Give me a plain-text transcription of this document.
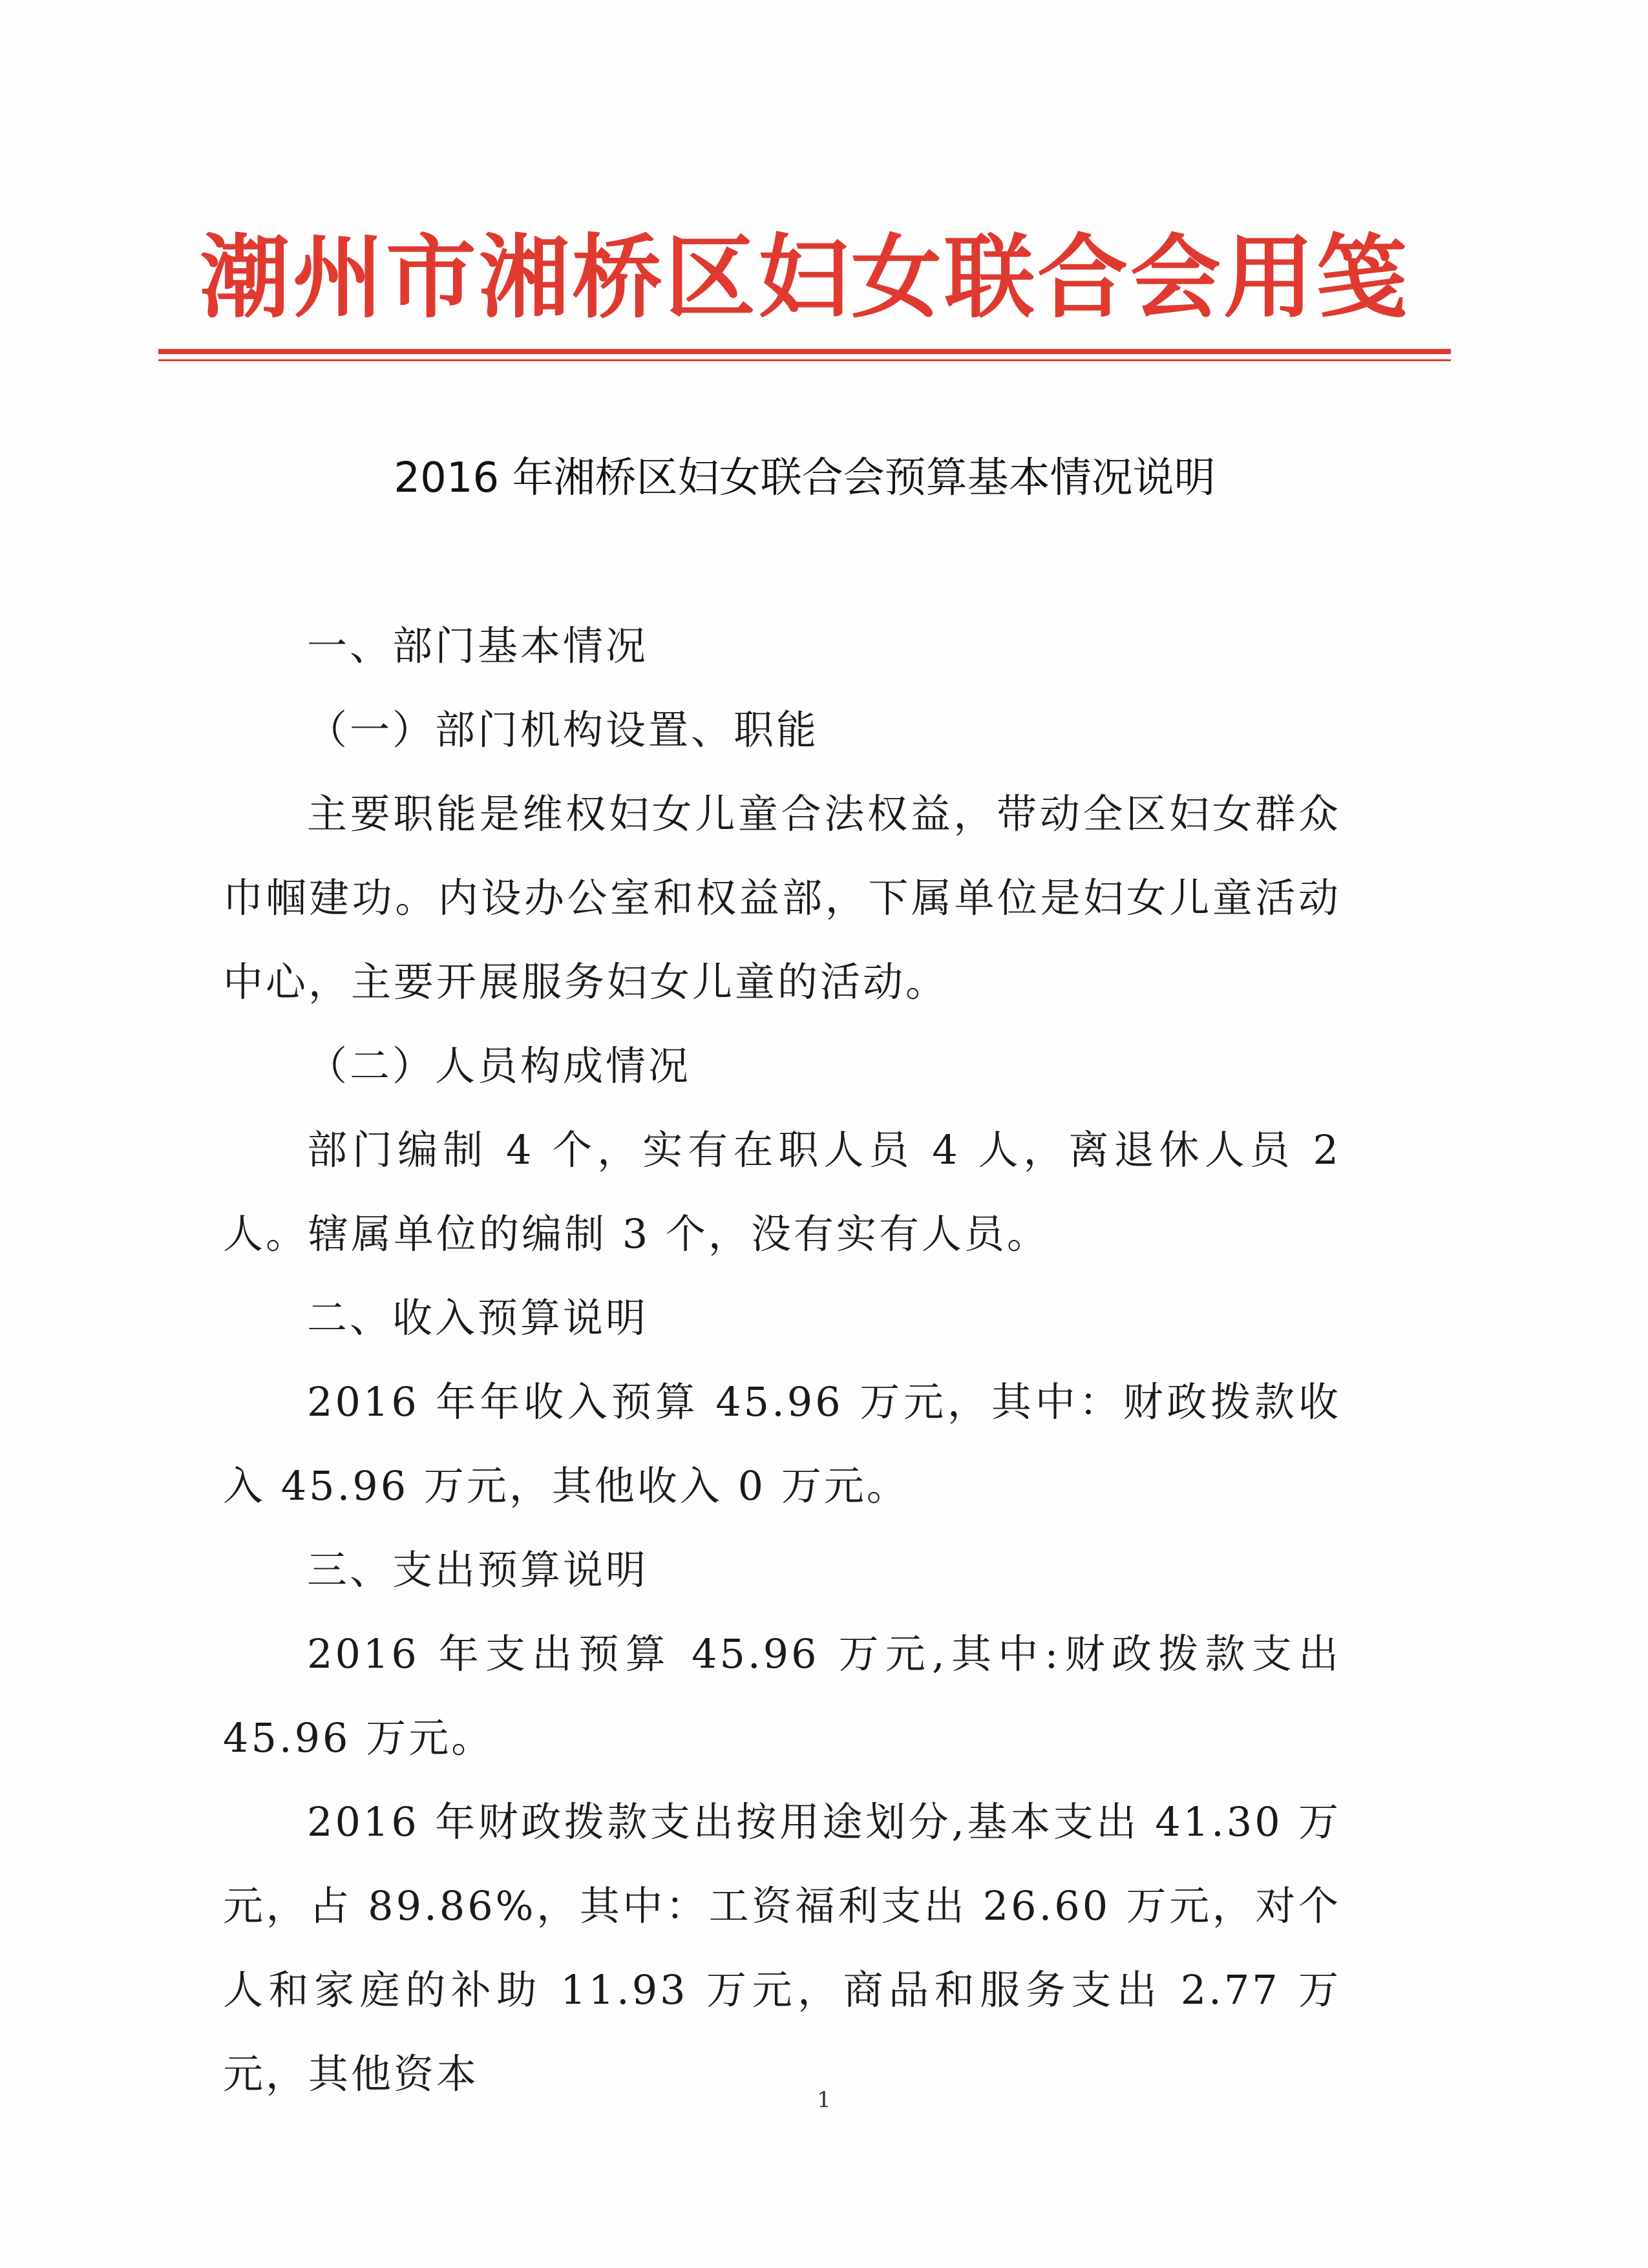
潮州市湘桥区妇女联合会用笺
2016 年湘桥区妇女联合会预算基本情况说明

一、部门基本情况

（一）部门机构设置、职能

主要职能是维权妇女儿童合法权益，带动全区妇女群众巾帼建功。内设办公室和权益部，下属单位是妇女儿童活动中心，主要开展服务妇女儿童的活动。

（二）人员构成情况

部门编制 4 个，实有在职人员 4 人，离退休人员 2 人。辖属单位的编制 3 个，没有实有人员。

二、收入预算说明

2016 年年收入预算 45.96 万元，其中：财政拨款收入 45.96 万元，其他收入 0 万元。

三、支出预算说明

2016 年支出预算 45.96 万元,其中:财政拨款支出 45.96 万元。

2016 年财政拨款支出按用途划分,基本支出 41.30 万元，占 89.86%，其中：工资福利支出 26.60 万元，对个人和家庭的补助 11.93 万元，商品和服务支出 2.77 万元，其他资本

1
